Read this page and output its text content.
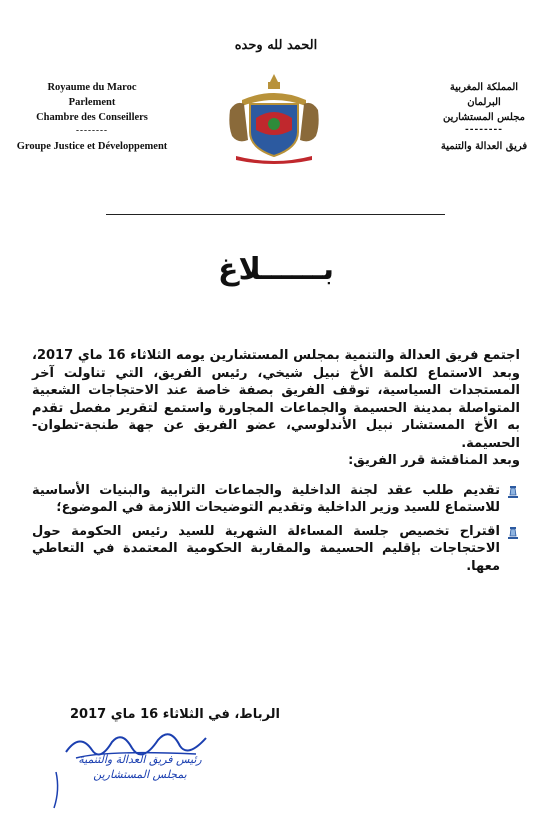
الحمد لله وحده
Royaume du Maroc
Parlement
Chambre des Conseillers
--------
Groupe Justice et Développement
المملكة المغربية
البرلمان
مجلس المستشارين
--------
فريق العدالة والتنمية
بــــــلاغ

اجتمع فريق العدالة والتنمية بمجلس المستشارين يومه الثلاثاء 16 ماي 2017، وبعد الاستماع لكلمة الأخ نبيل شيخي، رئيس الفريق، التي تناولت آخر المستجدات السياسية، توقف الفريق بصفة خاصة عند الاحتجاجات الشعبية المتواصلة بمدينة الحسيمة والجماعات المجاورة واستمع لتقرير مفصل تقدم به الأخ المستشار نبيل الأندلوسي، عضو الفريق عن جهة طنجة-تطوان-الحسيمة.

وبعد المناقشة قرر الفريق:

تقديم طلب عقد لجنة الداخلية والجماعات الترابية والبنيات الأساسية للاستماع للسيد وزير الداخلية وتقديم التوضيحات اللازمة في الموضوع؛
اقتراح تخصيص جلسة المساءلة الشهرية للسيد رئيس الحكومة حول الاحتجاجات بإقليم الحسيمة والمقاربة الحكومية المعتمدة في التعاطي معها.
الرباط، في الثلاثاء 16 ماي 2017
رئيس فريق العدالة والتنمية
بمجلس المستشارين
